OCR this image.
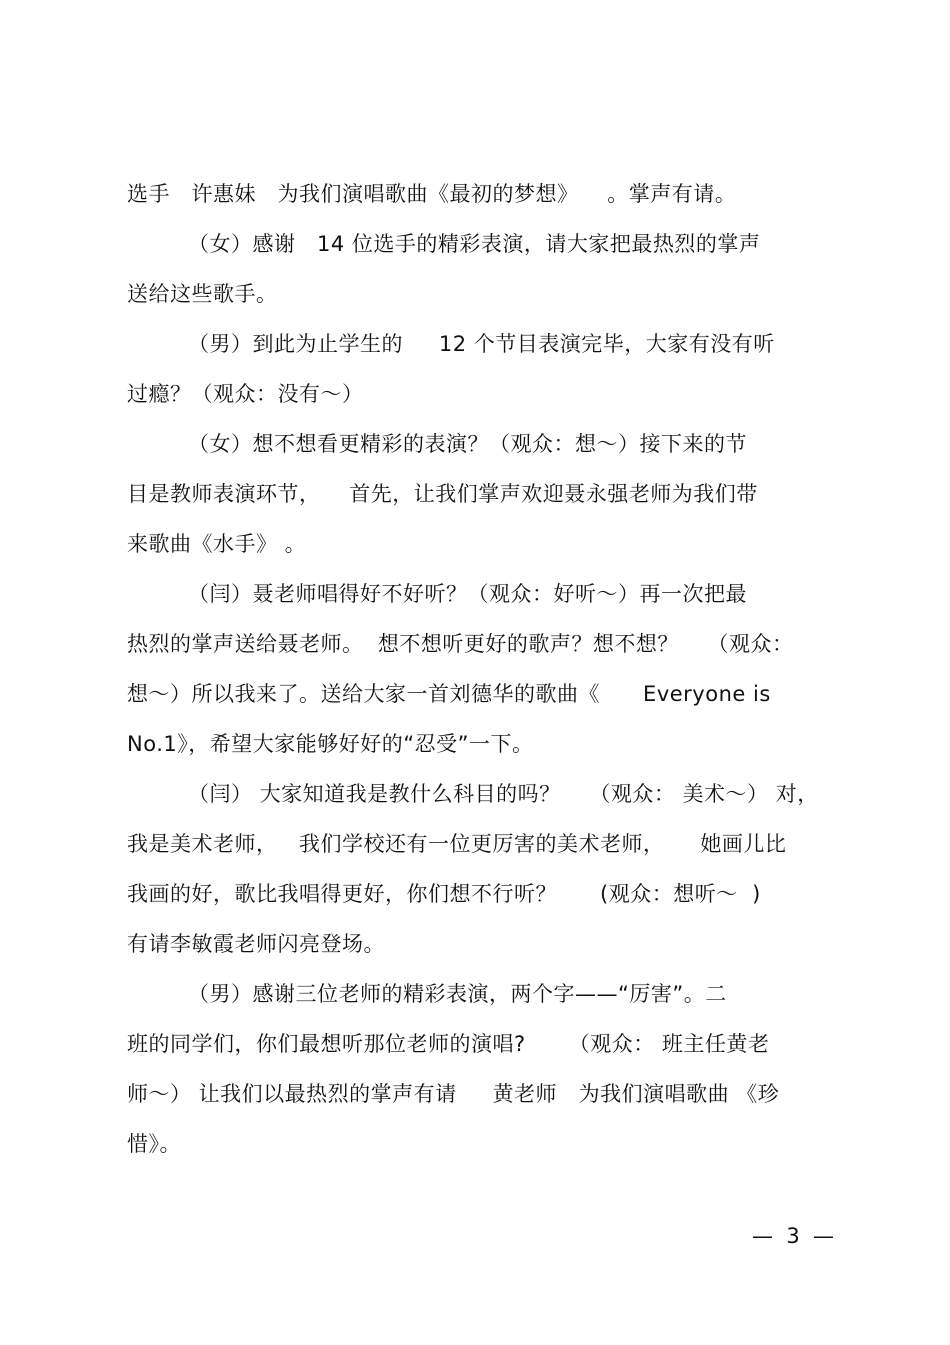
选手   许惠妹   为我们演唱歌曲《最初的梦想》    。掌声有请。
（女）感谢   14 位选手的精彩表演，请大家把最热烈的掌声
送给这些歌手。
（男）到此为止学生的     12 个节目表演完毕，大家有没有听
过瘾？（观众：没有～）
（女）想不想看更精彩的表演？（观众：想～）接下来的节
目是教师表演环节，    首先，让我们掌声欢迎聂永强老师为我们带
来歌曲《水手》 。
（闫）聂老师唱得好不好听？（观众：好听～）再一次把最
热烈的掌声送给聂老师。  想不想听更好的歌声？想不想？    （观众：
想～）所以我来了。送给大家一首刘德华的歌曲《      Everyone is
No.1》，希望大家能够好好的“忍受”一下。
（闫） 大家知道我是教什么科目的吗？    （观众： 美术～） 对，
我是美术老师，   我们学校还有一位更厉害的美术老师，     她画儿比
我画的好，歌比我唱得更好，你们想不行听？      (观众：想听～  )
有请李敏霞老师闪亮登场。
（男）感谢三位老师的精彩表演，两个字——“厉害”。二
班的同学们，你们最想听那位老师的演唱?      （观众： 班主任黄老
师～） 让我们以最热烈的掌声有请     黄老师   为我们演唱歌曲 《珍
惜》。
—  3  —
